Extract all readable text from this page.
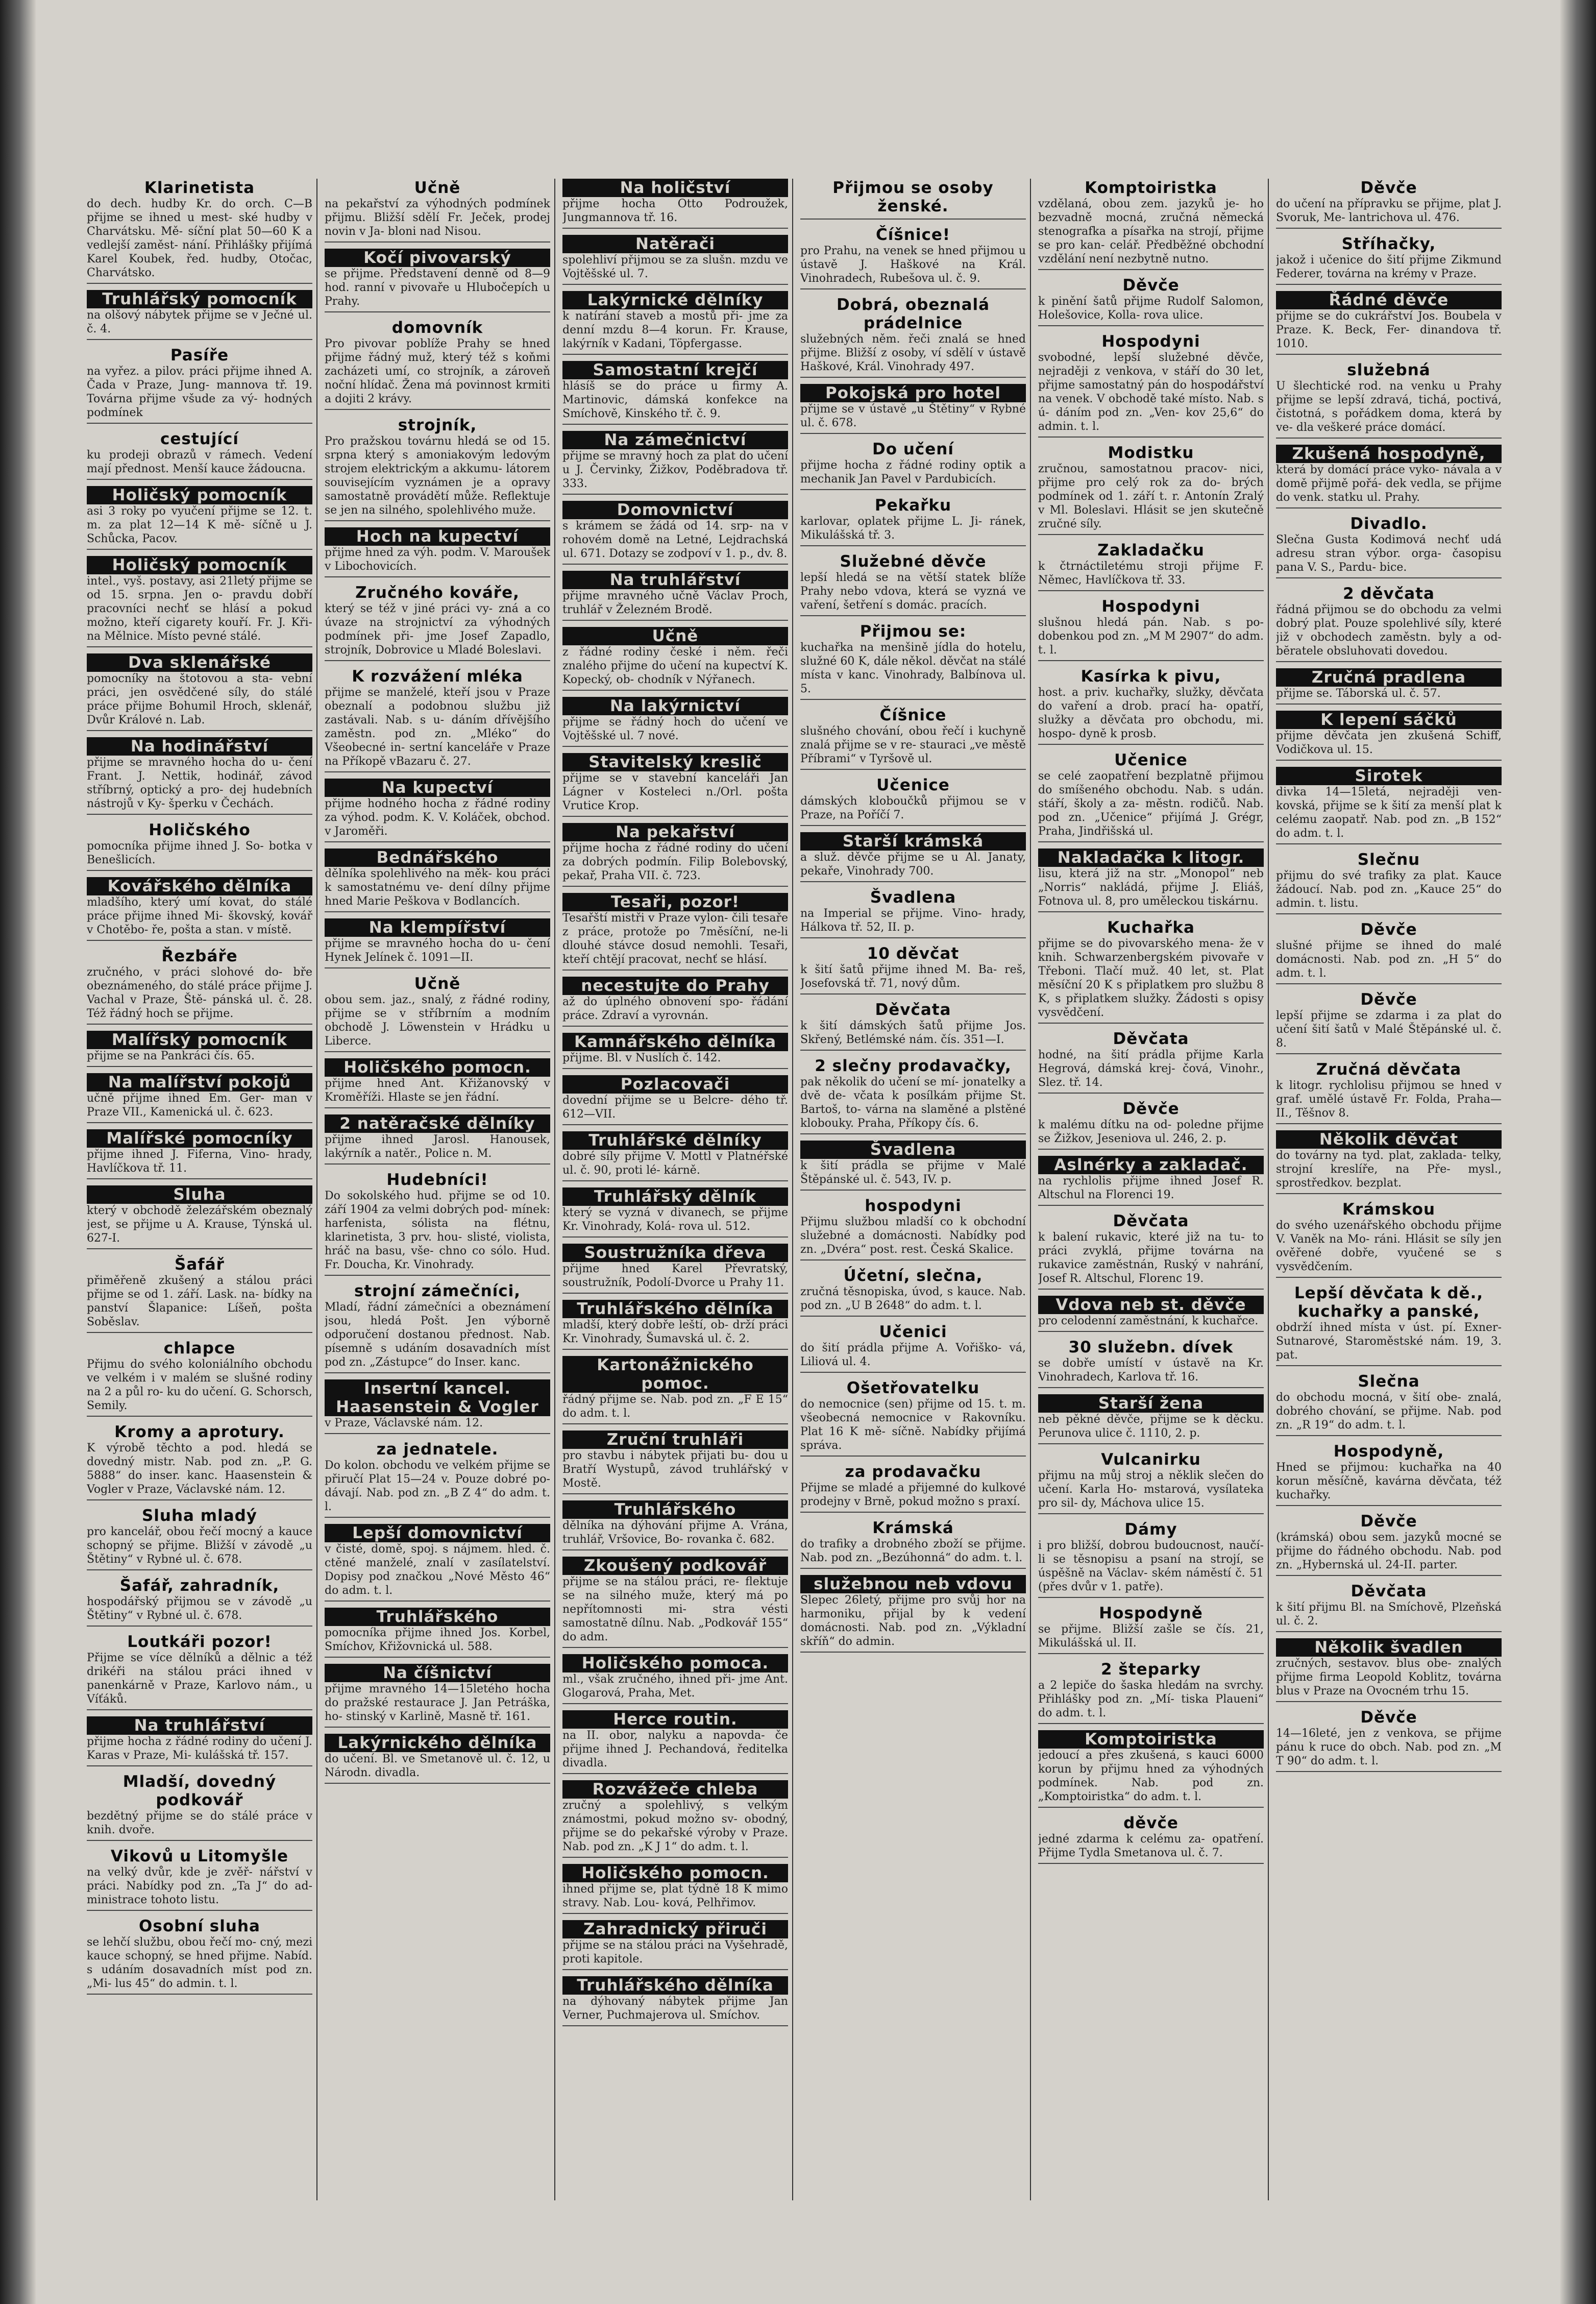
Klarinetista
do dech. hudby Kr. do orch. C—B přijme se ihned u mest- ské hudby v Charvátsku. Mě- síční plat 50—60 K a vedlejší zaměst- nání. Přihlášky přijímá Karel Koubek, řed. hudby, Otočac, Charvátsko.
Truhlářský pomocník
na olšový nábytek přijme se v Ječné ul. č. 4.
Pasíře
na vyřez. a pilov. práci přijme ihned A. Čada v Praze, Jung- mannova tř. 19. Továrna přijme všude za vý- hodných podmínek
cestující
ku prodeji obrazů v rámech. Vedení mají přednost. Menší kauce žádoucna.
Holičský pomocník
asi 3 roky po vyučení přijme se 12. t. m. za plat 12—14 K mě- síčně u J. Schůcka, Pacov.
Holičský pomocník
intel., vyš. postavy, asi 21letý přijme se od 15. srpna. Jen o- pravdu dobří pracovníci nechť se hlásí a pokud možno, kteří cigarety kouří. Fr. J. Kři- na Mělnice. Místo pevné stálé.
Dva sklenářské
pomocníky na štotovou a sta- vební práci, jen osvědčené síly, do stálé práce přijme Bohumil Hroch, sklenář, Dvůr Králové n. Lab.
Na hodinářství
přijme se mravného hocha do u- čení Frant. J. Nettik, hodinář, závod stříbrný, optický a pro- dej hudebních nástrojů v Ky- šperku v Čechách.
Holičského
pomocníka přijme ihned J. So- botka v Benešlicích.
Kovářského dělníka
mladšího, který umí kovat, do stálé práce přijme ihned Mi- škovský, kovář v Chotěbo- ře, pošta a stan. v místě.
Řezbáře
zručného, v práci slohové do- bře obeznámeného, do stálé práce přijme J. Vachal v Praze, Ště- pánská ul. č. 28. Též řádný hoch se přijme.
Malířský pomocník
přijme se na Pankráci čís. 65.
Na malířství pokojů
učně přijme ihned Em. Ger- man v Praze VII., Kamenická ul. č. 623.
Malířské pomocníky
přijme ihned J. Fiferna, Vino- hrady, Havlíčkova tř. 11.
Sluha
který v obchodě železářském obeznalý jest, se přijme u A. Krause, Týnská ul. 627-I.
Šafář
přiměřeně zkušený a stálou práci přijme se od 1. září. Lask. na- bídky na panství Šlapanice: Líšeň, pošta Soběslav.
chlapce
Přijmu do svého koloniálního obchodu ve velkém i v malém se slušné rodiny na 2 a půl ro- ku do učení. G. Schorsch, Semily.
Kromy a aprotury.
K výrobě těchto a pod. hledá se dovedný mistr. Nab. pod zn. „P. G. 5888“ do inser. kanc. Haasenstein & Vogler v Praze, Václavské nám. 12.
Sluha mladý
pro kancelář, obou řečí mocný a kauce schopný se přijme. Bližší v závodě „u Štětiny“ v Rybné ul. č. 678.
Šafář, zahradník,
hospodářský přijmou se v závodě „u Štětiny“ v Rybné ul. č. 678.
Loutkáři pozor!
Přijme se více dělníků a dělnic a též drikéři na stálou práci ihned v panenkárně v Praze, Karlovo nám., u Víťáků.
Na truhlářství
přijme hocha z řádné rodiny do učení J. Karas v Praze, Mi- kulášská tř. 157.
Mladší, dovedný podkovář
bezdětný přijme se do stálé práce v knih. dvoře.
Vikovů u Litomyšle
na velký dvůr, kde je zvěř- nářství v práci. Nabídky pod zn. „Ta J“ do ad- ministrace tohoto listu.
Osobní sluha
se lehčí službu, obou řečí mo- cný, mezi kauce schopný, se hned přijme. Nabíd. s udáním dosavadních míst pod zn. „Mi- lus 45“ do admin. t. l.
Učně
na pekařství za výhodných podmínek přijmu. Bližší sdělí Fr. Ječek, prodej novin v Ja- bloni nad Nisou.
Kočí pivovarský
se přijme. Představení denně od 8—9 hod. ranní v pivovaře u Hlubočepích u Prahy.
domovník
Pro pivovar poblíže Prahy se hned přijme řádný muž, který též s koňmi zacházeti umí, co strojník, a zároveň noční hlídač. Žena má povinnost krmiti a dojiti 2 krávy.
strojník,
Pro pražskou továrnu hledá se od 15. srpna který s amoniakovým ledovým strojem elektrickým a akkumu- látorem souvisejícím vyznámen je a opravy samostatně provádětí může. Reflektuje se jen na silného, spolehlivého muže.
Hoch na kupectví
přijme hned za výh. podm. V. Maroušek v Libochovicích.
Zručného kováře,
který se též v jiné práci vy- zná a co úvaze na strojnictví za výhodných podmínek při- jme Josef Zapadlo, strojník, Dobrovice u Mladé Boleslavi.
K rozvážení mléka
přijme se manželé, kteří jsou v Praze obeznalí a podobnou službu již zastávali. Nab. s u- dáním dřívějšího zaměstn. pod zn. „Mléko“ do Všeobecné in- sertní kanceláře v Praze na Příkopě vBazaru č. 27.
Na kupectví
přijme hodného hocha z řádné rodiny za výhod. podm. K. V. Koláček, obchod. v Jaroměři.
Bednářského
dělníka spolehlivého na měk- kou práci k samostatnému ve- dení dílny přijme hned Marie Peškova v Bodlancích.
Na klempířství
přijme se mravného hocha do u- čení Hynek Jelínek č. 1091—II.
Učně
obou sem. jaz., snalý, z řádné rodiny, přijme se v stříbrním a modním obchodě J. Löwenstein v Hrádku u Liberce.
Holičského pomocn.
přijme hned Ant. Křižanovský v Kroměříži. Hlaste se jen řádní.
2 natěračské dělníky
přijme ihned Jarosl. Hanousek, lakýrník a natěr., Police n. M.
Hudebníci!
Do sokolského hud. přijme se od 10. září 1904 za velmi dobrých pod- mínek: harfenista, sólista na flétnu, klarinetista, 3 prv. hou- slisté, violista, hráč na basu, vše- chno co sólo. Hud. Fr. Doucha, Kr. Vinohrady.
strojní zámečníci,
Mladí, řádní zámečníci a obeznámení jsou, hledá Pošt. Jen výborně odporučení dostanou přednost. Nab. písemně s udáním dosavadních míst pod zn. „Zástupce“ do Inser. kanc.
Insertní kancel. Haasenstein & Vogler
v Praze, Václavské nám. 12.
za jednatele.
Do kolon. obchodu ve velkém přijme se přiručí Plat 15—24 v. Pouze dobré po- dávají. Nab. pod zn. „B Z 4“ do adm. t. l.
Lepší domovnictví
v čisté, domě, spoj. s nájmem. hled. č. ctěné manželé, znalí v zasílatelství. Dopisy pod značkou „Nové Město 46“ do adm. t. l.
Truhlářského
pomocníka přijme ihned Jos. Korbel, Smíchov, Křižovnická ul. 588.
Na číšnictví
přijme mravného 14—15letého hocha do pražské restaurace J. Jan Petráška, ho- stinský v Karlině, Masně tř. 161.
Lakýrnického dělníka
do učení. Bl. ve Smetanově ul. č. 12, u Národn. divadla.
Na holičství
přijme hocha Otto Podroužek, Jungmannova tř. 16.
Natěrači
spolehliví přijmou se za slušn. mzdu ve Vojtěšské ul. 7.
Lakýrnické dělníky
k natírání staveb a mostů při- jme za denní mzdu 8—4 korun. Fr. Krause, lakýrník v Kadani, Töpfergasse.
Samostatní krejčí
hlásíš se do práce u firmy A. Martinovic, dámská konfekce na Smíchově, Kinského tř. č. 9.
Na zámečnictví
přijme se mravný hoch za plat do učení u J. Červinky, Žižkov, Poděbradova tř. 333.
Domovnictví
s krámem se žádá od 14. srp- na v rohovém domě na Letné, Lejdrachská ul. 671. Dotazy se zodpoví v 1. p., dv. 8.
Na truhlářství
přijme mravného učně Václav Proch, truhlář v Železném Brodě.
Učně
z řádné rodiny české i něm. řeči znalého přijme do učení na kupectví K. Kopecký, ob- chodník v Nýřanech.
Na lakýrnictví
přijme se řádný hoch do učení ve Vojtěšské ul. 7 nové.
Stavitelský kreslič
přijme se v stavební kanceláři Jan Lágner v Kosteleci n./Orl. pošta Vrutice Krop.
Na pekařství
přijme hocha z řádné rodiny do učení za dobrých podmín. Filip Bolebovský, pekař, Praha VII. č. 723.
Tesaři, pozor!
Tesařští mistři v Praze vylon- čili tesaře z práce, protože po 7měsíční, ne-li dlouhé stávce dosud nemohli. Tesaři, kteří chtějí pracovat, nechť se hlásí.
necestujte do Prahy
až do úplného obnovení spo- řádání práce. Zdraví a vyrovnán.
Kamnářského dělníka
přijme. Bl. v Nuslích č. 142.
Pozlacovači
dovední přijme se u Belcre- dého tř. 612—VII.
Truhlářské dělníky
dobré síly přijme V. Mottl v Platnéřské ul. č. 90, proti lé- kárně.
Truhlářský dělník
který se vyzná v divanech, se přijme Kr. Vinohrady, Kolá- rova ul. 512.
Soustružníka dřeva
přijme hned Karel Převratský, soustružník, Podolí-Dvorce u Prahy 11.
Truhlářského dělníka
mladší, který dobře leští, ob- drží práci Kr. Vinohrady, Šumavská ul. č. 2.
Kartonážnického pomoc.
řádný přijme se. Nab. pod zn. „F E 15“ do adm. t. l.
Zruční truhláři
pro stavbu i nábytek přijati bu- dou u Bratří Wystupů, závod truhlářský v Mostě.
Truhlářského
dělníka na dýhování přijme A. Vrána, truhlář, Vršovice, Bo- rovanka č. 682.
Zkoušený podkovář
přijme se na stálou práci, re- flektuje se na silného muže, který má po nepřítomnosti mi- stra vésti samostatně dílnu. Nab. „Podkovář 155“ do adm.
Holičského pomoca.
ml., však zručného, ihned při- jme Ant. Glogarová, Praha, Met.
Herce routin.
na II. obor, nalyku a napovda- če přijme ihned J. Pechandová, ředitelka divadla.
Rozvážeče chleba
zručný a spolehlivý, s velkým známostmi, pokud možno sv- obodný, přijme se do pekařské výroby v Praze. Nab. pod zn. „K J 1“ do adm. t. l.
Holičského pomocn.
ihned přijme se, plat týdně 18 K mimo stravy. Nab. Lou- ková, Pelhřimov.
Zahradnický přiruči
přijme se na stálou práci na Vyšehradě, proti kapitole.
Truhlářského dělníka
na dýhovaný nábytek přijme Jan Verner, Puchmajerova ul. Smíchov.
Přijmou se osoby ženské.
Číšnice!
pro Prahu, na venek se hned přijmou u ústavě J. Haškové na Král. Vinohradech, Rubešova ul. č. 9.
Dobrá, obeznalá prádelnice
služebných něm. řeči znalá se hned přijme. Bližší z osoby, ví sdělí v ústavě Haškové, Král. Vinohrady 497.
Pokojská pro hotel
přijme se v ústavě „u Štětiny“ v Rybné ul. č. 678.
Do učení
přijme hocha z řádné rodiny optik a mechanik Jan Pavel v Pardubicích.
Pekařku
karlovar, oplatek přijme L. Ji- ránek, Mikulášská tř. 3.
Služebné děvče
lepší hledá se na větší statek blíže Prahy nebo vdova, která se vyzná ve vaření, šetření s domác. pracích.
Přijmou se:
kuchařka na menšině jídla do hotelu, služné 60 K, dále někol. děvčat na stálé místa v kanc. Vinohrady, Balbínova ul. 5.
Číšnice
slušného chování, obou řečí i kuchyně znalá přijme se v re- stauraci „ve městě Příbrami“ v Tyršově ul.
Učenice
dámských kloboučků přijmou se v Praze, na Poříčí 7.
Starší krámská
a služ. děvče přijme se u Al. Janaty, pekaře, Vinohrady 700.
Švadlena
na Imperial se přijme. Vino- hrady, Hálkova tř. 52, II. p.
10 děvčat
k šití šatů přijme ihned M. Ba- reš, Josefovská tř. 71, nový dům.
Děvčata
k šití dámských šatů přijme Jos. Skřený, Betlémské nám. čís. 351—I.
2 slečny prodavačky,
pak několik do učení se mí- jonatelky a dvě de- včata k posílkám přijme St. Bartoš, to- várna na slaměné a plstěné klobouky. Praha, Příkopy čís. 6.
Švadlena
k šití prádla se přijme v Malé Štěpánské ul. č. 543, IV. p.
hospodyni
Přijmu službou mladší co k obchodní služebné a domácnosti. Nabídky pod zn. „Dvéra“ post. rest. Česká Skalice.
Účetní, slečna,
zručná těsnopiska, úvod, s kauce. Nab. pod zn. „U B 2648“ do adm. t. l.
Učenici
do šití prádla přijme A. Vořiško- vá, Liliová ul. 4.
Ošetřovatelku
do nemocnice (sen) přijme od 15. t. m. všeobecná nemocnice v Rakovníku. Plat 16 K mě- síčně. Nabídky přijímá správa.
za prodavačku
Přijme se mladé a přijemné do kulkové prodejny v Brně, pokud možno s praxí.
Krámská
do trafiky a drobného zboží se přijme. Nab. pod zn. „Bezúhonná“ do adm. t. l.
služebnou neb vdovu
Slepec 26letý, přijme pro svůj hor na harmoniku, přijal by k vedení domácnosti. Nab. pod zn. „Výkladní skříň“ do admin.
Komptoiristka
vzdělaná, obou zem. jazyků je- ho bezvadně mocná, zručná německá stenografka a písařka na strojí, přijme se pro kan- celář. Předběžné obchodní vzdělání není nezbytně nutno.
Děvče
k pinění šatů přijme Rudolf Salomon, Holešovice, Kolla- rova ulice.
Hospodyni
svobodné, lepší služebné děvče, nejraději z venkova, v stáří do 30 let, přijme samostatný pán do hospodářství na venek. V obchodě také místo. Nab. s ú- dáním pod zn. „Ven- kov 25,6“ do admin. t. l.
Modistku
zručnou, samostatnou pracov- nici, přijme pro celý rok za do- brých podmínek od 1. září t. r. Antonín Zralý v Ml. Boleslavi. Hlásit se jen skutečně zručné síly.
Zakladačku
k čtrnáctiletému stroji přijme F. Němec, Havlíčkova tř. 33.
Hospodyni
slušnou hledá pán. Nab. s po- dobenkou pod zn. „M M 2907“ do adm. t. l.
Kasírka k pivu,
host. a priv. kuchařky, služky, děvčata do vaření a drob. prací ha- opatří, služky a děvčata pro obchodu, mi. hospo- dyně k prosb.
Učenice
se celé zaopatření bezplatně přijmou do smíšeného obchodu. Nab. s udán. stáří, školy a za- městn. rodičů. Nab. pod zn. „Učenice“ přijímá J. Grégr, Praha, Jindřišská ul.
Nakladačka k litogr.
lisu, která již na str. „Monopol“ neb „Norris“ nakládá, přijme J. Eliáš, Fotnova ul. 8, pro uměleckou tiskárnu.
Kuchařka
přijme se do pivovarského mena- že v knih. Schwarzenbergském pivovaře v Třeboni. Tlačí muž. 40 let, st. Plat měsíční 20 K s připlatkem pro službu 8 K, s připlatkem služky. Žádosti s opisy vysvědčení.
Děvčata
hodné, na šití prádla přijme Karla Hegrová, dámská krej- čová, Vinohr., Slez. tř. 14.
Děvče
k malému dítku na od- poledne přijme se Žižkov, Jeseniova ul. 246, 2. p.
Aslnérky a zakladač.
na rychlolis přijme ihned Josef R. Altschul na Florenci 19.
Děvčata
k balení rukavic, které již na tu- to práci zvyklá, přijme továrna na rukavice zaměstnán, Ruský v nahrání, Josef R. Altschul, Florenc 19.
Vdova neb st. děvče
pro celodenní zaměstnání, k kuchařce.
30 služebn. dívek
se dobře umístí v ústavě na Kr. Vinohradech, Karlova tř. 16.
Starší žena
neb pěkné děvče, přijme se k děcku. Perunova ulice č. 1110, 2. p.
Vulcanirku
přijmu na můj stroj a něklik slečen do učení. Karla Ho- mstarová, vysílateka pro sil- dy, Máchova ulice 15.
Dámy
i pro bližší, dobrou budoucnost, naučí-li se těsnopisu a psaní na strojí, se úspěšně na Václav- ském náměstí č. 51 (přes dvůr v 1. patře).
Hospodyně
se přijme. Bližší zašle se čís. 21, Mikulášská ul. II.
2 šteparky
a 2 lepiče do šaska hledám na svrchy. Přihlášky pod zn. „Mí- tiska Plaueni“ do adm. t. l.
Komptoiristka
jedoucí a přes zkušená, s kauci 6000 korun by přijmu hned za výhodných podmínek. Nab. pod zn. „Komptoiristka“ do adm. t. l.
děvče
jedné zdarma k celému za- opatření. Přijme Tydla Smetanova ul. č. 7.
Děvče
do učení na přípravku se přijme, plat J. Svoruk, Me- lantrichova ul. 476.
Stříhačky,
jakož i učenice do šití přijme Zikmund Federer, továrna na krémy v Praze.
Řádné děvče
přijme se do cukrářství Jos. Boubela v Praze. K. Beck, Fer- dinandova tř. 1010.
služebná
U šlechtické rod. na venku u Prahy přijme se lepší zdravá, tichá, poctivá, čistotná, s pořádkem doma, která by ve- dla veškeré práce domácí.
Zkušená hospodyně,
která by domácí práce vyko- návala a v domě přijmě pořá- dek vedla, se přijme do venk. statku ul. Prahy.
Divadlo.
Slečna Gusta Kodimová nechť udá adresu stran výbor. orga- časopisu pana V. S., Pardu- bice.
2 děvčata
řádná přijmou se do obchodu za velmi dobrý plat. Pouze spolehlivé síly, které již v obchodech zaměstn. byly a od- bĕratele obsluhovati dovedou.
Zručná pradlena
přijme se. Táborská ul. č. 57.
K lepení sáčků
přijme děvčata jen zkušená Schiff, Vodičkova ul. 15.
Sirotek
divka 14—15letá, nejraději ven- kovská, přijme se k šití za menší plat k celému zaopatř. Nab. pod zn. „B 152“ do adm. t. l.
Slečnu
přijmu do své trafiky za plat. Kauce žádoucí. Nab. pod zn. „Kauce 25“ do admin. t. listu.
Děvče
slušné přijme se ihned do malé domácnosti. Nab. pod zn. „H 5“ do adm. t. l.
Děvče
lepší přijme se zdarma i za plat do učení šití šatů v Malé Štěpánské ul. č. 8.
Zručná děvčata
k litogr. rychlolisu přijmou se hned v graf. umělé ústavě Fr. Folda, Praha—II., Těšnov 8.
Několik děvčat
do továrny na tyd. plat, zaklada- telky, strojní kreslíře, na Pře- mysl., sprostředkov. bezplat.
Krámskou
do svého uzenářského obchodu přijme V. Vaněk na Mo- ráni. Hlásit se síly jen ověřené dobře, vyučené se s vysvědčením.
Lepší děvčata k dě., kuchařky a panské,
obdrží ihned místa v úst. pí. Exner-Sutnarové, Staroměstské nám. 19, 3. pat.
Slečna
do obchodu mocná, v šití obe- znalá, dobrého chování, se přijme. Nab. pod zn. „R 19“ do adm. t. l.
Hospodyně,
Hned se přijmou: kuchařka na 40 korun měsíčně, kavárna děvčata, též kuchařky.
Děvče
(krámská) obou sem. jazyků mocné se přijme do řádného obchodu. Nab. pod zn. „Hybernská ul. 24-II. parter.
Děvčata
k šití přijmu Bl. na Smíchově, Plzeňská ul. č. 2.
Několik švadlen
zručných, sestavov. blus obe- znalých přijme firma Leopold Koblitz, továrna blus v Praze na Ovocném trhu 15.
Děvče
14—16leté, jen z venkova, se přijme pánu k ruce do obch. Nab. pod zn. „M T 90“ do adm. t. l.
